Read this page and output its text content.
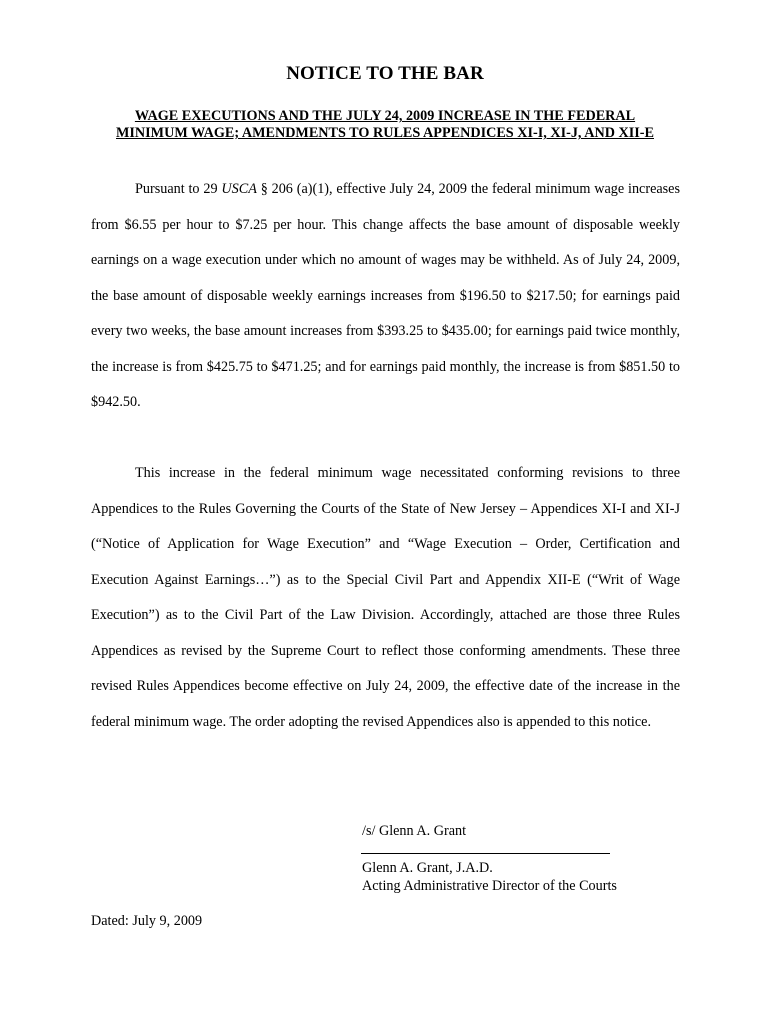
NOTICE TO THE BAR
WAGE EXECUTIONS AND THE JULY 24, 2009 INCREASE IN THE FEDERAL
MINIMUM WAGE; AMENDMENTS TO RULES APPENDICES XI-I, XI-J, AND XII-E

Pursuant to 29 USCA § 206 (a)(1), effective July 24, 2009 the federal minimum wage increases from $6.55 per hour to $7.25 per hour. This change affects the base amount of disposable weekly earnings on a wage execution under which no amount of wages may be withheld. As of July 24, 2009, the base amount of disposable weekly earnings increases from $196.50 to $217.50; for earnings paid every two weeks, the base amount increases from $393.25 to $435.00; for earnings paid twice monthly, the increase is from $425.75 to $471.25; and for earnings paid monthly, the increase is from $851.50 to $942.50.

This increase in the federal minimum wage necessitated conforming revisions to three Appendices to the Rules Governing the Courts of the State of New Jersey – Appendices XI-I and XI-J (“Notice of Application for Wage Execution” and “Wage Execution – Order, Certification and Execution Against Earnings…”) as to the Special Civil Part and Appendix XII-E (“Writ of Wage Execution”) as to the Civil Part of the Law Division. Accordingly, attached are those three Rules Appendices as revised by the Supreme Court to reflect those conforming amendments. These three revised Rules Appendices become effective on July 24, 2009, the effective date of the increase in the federal minimum wage. The order adopting the revised Appendices also is appended to this notice.

/s/ Glenn A. Grant
Glenn A. Grant, J.A.D.
Acting Administrative Director of the Courts
Dated: July 9, 2009
